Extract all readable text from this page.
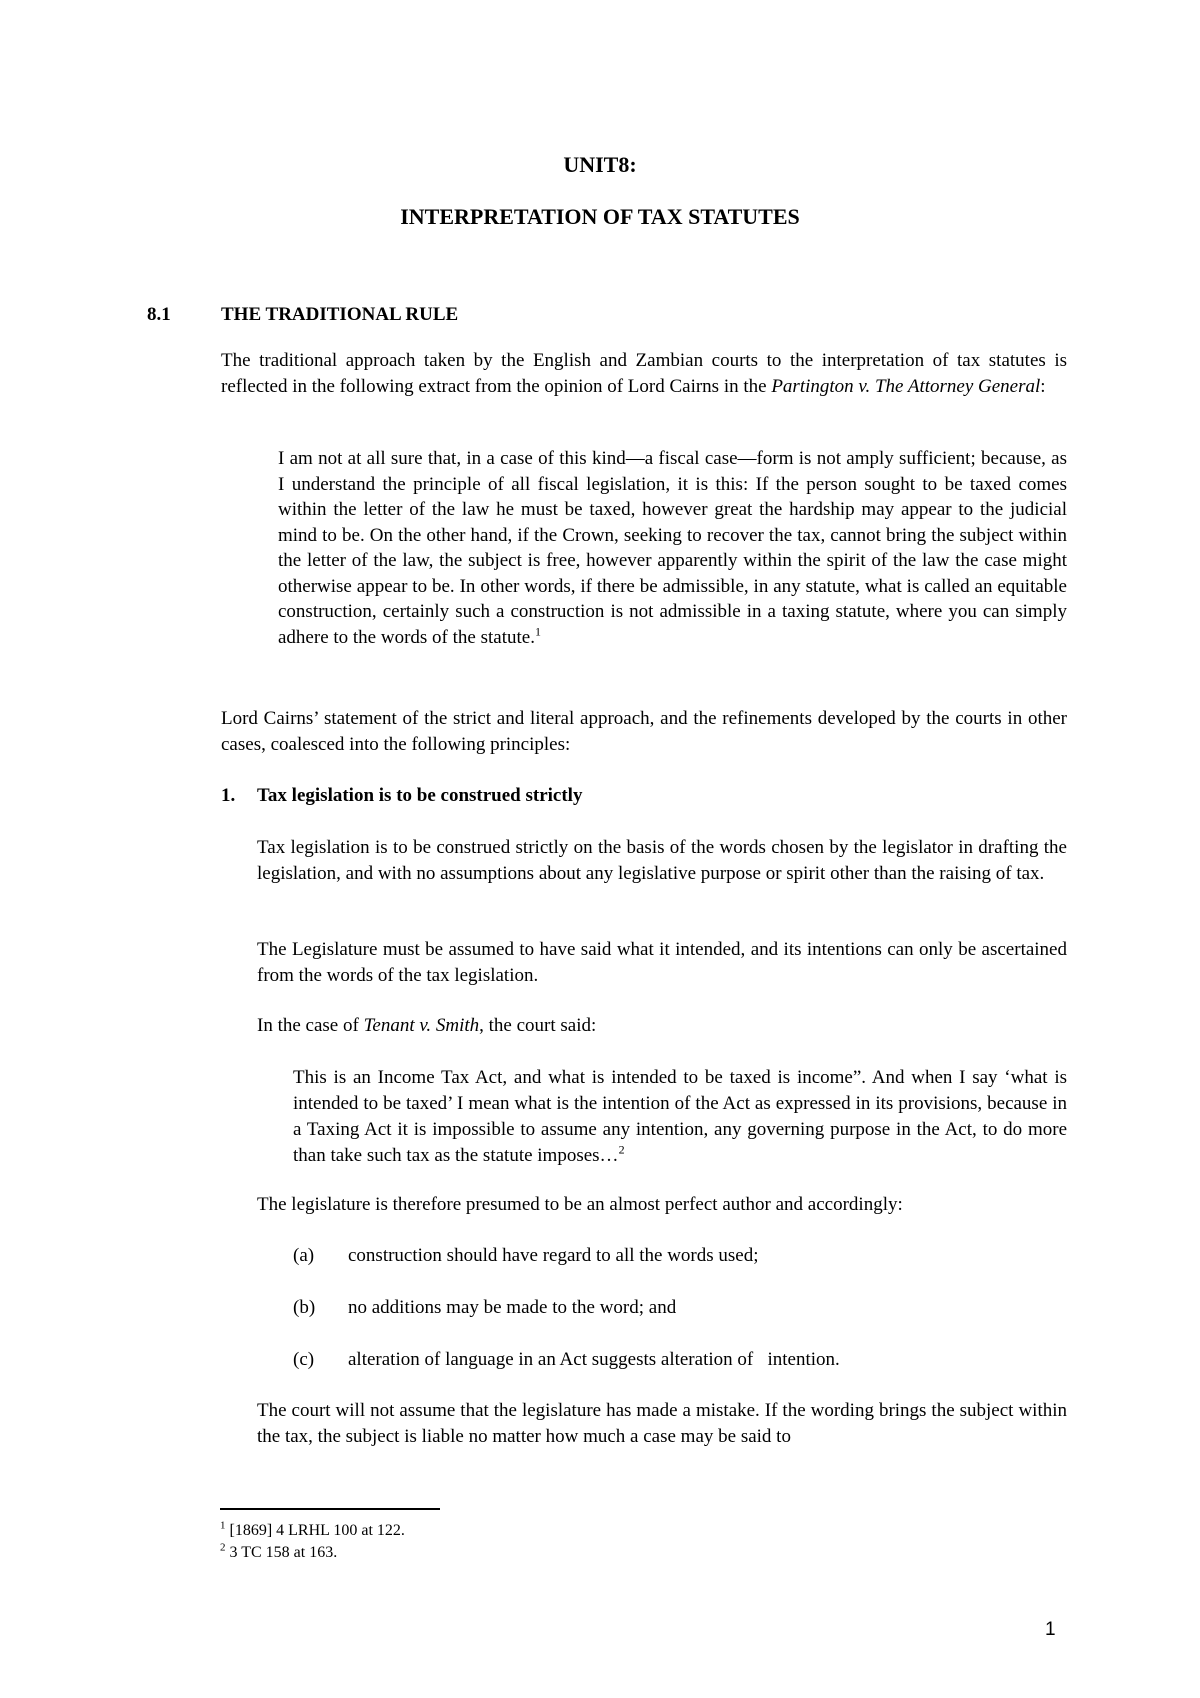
UNIT8:
INTERPRETATION OF TAX STATUTES
8.1	THE TRADITIONAL RULE

The traditional approach taken by the English and Zambian courts to the interpretation of tax statutes is reflected in the following extract from the opinion of Lord Cairns in the Partington v. The Attorney General:

I am not at all sure that, in a case of this kind—a fiscal case—form is not amply sufficient; because, as I understand the principle of all fiscal legislation, it is this: If the person sought to be taxed comes within the letter of the law he must be taxed, however great the hardship may appear to the judicial mind to be. On the other hand, if the Crown, seeking to recover the tax, cannot bring the subject within the letter of the law, the subject is free, however apparently within the spirit of the law the case might otherwise appear to be. In other words, if there be admissible, in any statute, what is called an equitable construction, certainly such a construction is not admissible in a taxing statute, where you can simply adhere to the words of the statute.$^1$

Lord Cairns’ statement of the strict and literal approach, and the refinements developed by the courts in other cases, coalesced into the following principles:

1. Tax legislation is to be construed strictly

Tax legislation is to be construed strictly on the basis of the words chosen by the legislator in drafting the legislation, and with no assumptions about any legislative purpose or spirit other than the raising of tax.

The Legislature must be assumed to have said what it intended, and its intentions can only be ascertained from the words of the tax legislation.

In the case of Tenant v. Smith, the court said:

This is an Income Tax Act, and what is intended to be taxed is income”. And when I say ‘what is intended to be taxed’ I mean what is the intention of the Act as expressed in its provisions, because in a Taxing Act it is impossible to assume any intention, any governing purpose in the Act, to do more than take such tax as the statute imposes…$^2$

The legislature is therefore presumed to be an almost perfect author and accordingly:

(a) construction should have regard to all the words used;
(b) no additions may be made to the word; and
(c) alteration of language in an Act suggests alteration of   intention.

The court will not assume that the legislature has made a mistake. If the wording brings the subject within the tax, the subject is liable no matter how much a case may be said to

$^1$ [1869] 4 LRHL 100 at 122.
$^2$ 3 TC 158 at 163.
1
